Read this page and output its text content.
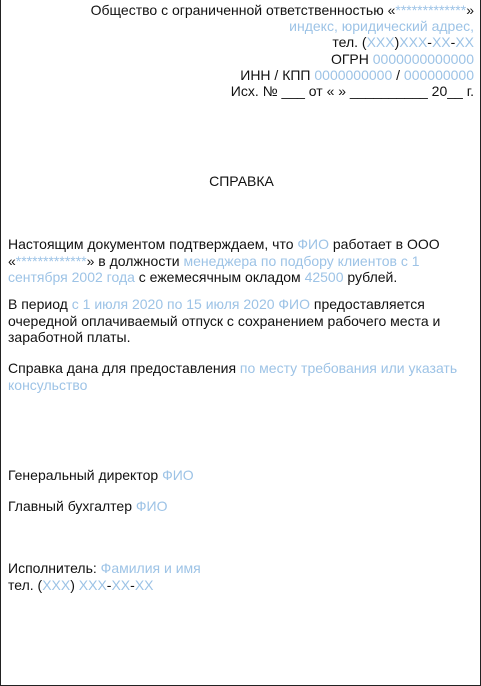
Общество с ограниченной ответственностью «*************»
индекс, юридический адрес,
тел. (XXX)XXX-XX-XX
ОГРН 0000000000000
ИНН / КПП 0000000000 / 000000000
Исх. № ___ от « » __________ 20__ г.
СПРАВКА
Настоящим документом подтверждаем, что ФИО работает в ООО «*************» в должности менеджера по подбору клиентов с 1 сентября 2002 года с ежемесячным окладом 42500 рублей.
В период с 1 июля 2020 по 15 июля 2020 ФИО предоставляется очередной оплачиваемый отпуск с сохранением рабочего места и заработной платы.
Справка дана для предоставления по месту требования или указать консульство
Генеральный директор ФИО
Главный бухгалтер ФИО
Исполнитель: Фамилия и имя
тел. (XXX) XXX-XX-XX
